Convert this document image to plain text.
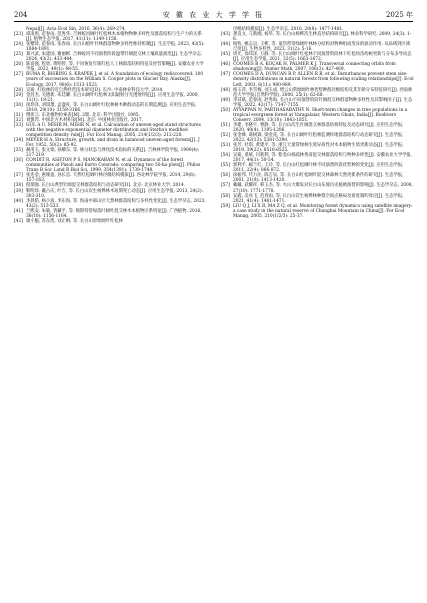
204	安 徽 农 业 大 学 学 报	2025 年

Nepal[J]. Acta Ecol Sin, 2016, 36(4): 269-274.

[23] 谭凌照, 范春雨, 范秀华. 吉林蛟河阔叶红松林木本植物物种多样性及群落结构与生产力的关系[J]. 植物生态学报, 2017, 41(11): 1149-1156.

[24] 张樱琦, 范春雨, 张春雨. 长白山植叶针林群落物种多样性维持机制[J]. 生态学报, 2023, 43(5): 1884-1891.

[25] 葛兴武, 朱建国, 谢丽彬. 吉林蛟河不同演替阶段温带针阔混交林土壤质量演变[J]. 生态学杂志, 2024, 43(2): 433-444.

[26] 陈富强, 程勇, 黄明智, 等. 不同恢复年限红松人工林群落结构特征及经营策略[J]. 安徽农业大学学报, 2022, 49(1): 48-55.

[27] BUMA B, BISBING S, KRAPEK J, et al. A foundation of ecology rediscovered: 100 years of succession on the William S. Cooper plots in Glacier Bay, Alaska[J]. Ecology, 2017, 98(6): 1513-1523.

[28] 吴迪. 红松林的近自然经营技术研究[D]. 长沙: 中南林业科技大学, 2014.

[29] 金昌杰, 关德新, 朱廷曜. 长白山阔叶红松林太阳辐射分光透射特征[J]. 应用生态学报, 2000, 11(1): 19-21.

[30] 徐玮泽, 刘琪璟, 孟盛旺, 等. 长白山阔叶红松林树木种群动态的长期监测[J]. 应用生态学报, 2018, 29(10): 3159-3166.

[31] 傅沛云. 东北植物检索表[M]. 2版. 北京: 科学出版社, 1995.

[32] 刘慎谔. 中国北方木材积表[M]. 北京: 中国林业出版社, 2017.

[33] GÜL A U, MISIR M, MISIR N, et al. Calculation of uneven-aged stand structures with the negative exponential diameter distribution and Sterba's modified competition density rule[J]. For Ecol Manag, 2005, 214(1/2/3): 212-220.

[34] MEYER H A. Structure, growth, and drain in balanced uneven-aged forests[J]. J For, 1952, 50(2): 85-92.

[35] 赫清玉, 张文娟, 孙耀东, 等. 林分状态与择伐技术指标的关系[J]. 吉林林学院学报, 1999(4): 217-219.

[36] CONDIT R, ASHTON P S, MANOKARAN N, et al. Dynamics of the forest communities at Pasoh and Barro Colorado: comparing two 50-ha plots[J]. Philos Trans R Soc Lond B Biol Sci, 1999, 354(1391): 1739-1748.

[37] 张连金, 惠刚盈, 孙长忠. 天然红松阔叶林径级结构模拟[J]. 西北林学院学报, 2014, 29(6): 157-163.

[38] 倪瑞强. 长白山典型针阔混交林群落结构与动态研究[D]. 北京: 北京林业大学, 2014.

[39] 靳明珍, 戴占庆, 叶吉, 等. 长白山次生杨桦林木短期死亡动态[J]. 应用生态学报, 2013, 24(2): 303-310.

[40] 李晨皓, 杨小波, 李东海, 等. 海南中部山区天然林群落结构与多样性变化[J]. 生态学杂志, 2023, 43(2): 513-523.

[41] 兰熙安, 朱敏, 曾藏平, 等. 喀斯特常绿落叶阔叶混交林木本植物区系特征[J]. 广西植物, 2016, 36(10): 1156-1164.

[42] 谢小魁, 苏东凯, 刘正纲, 等. 长白山原始阔叶红松林

径级结构模拟[J]. 生态学杂志, 2010, 29(8): 1477-1481.

[43] 龚直文, 亢新刚, 杨华, 等. 长白山杨桦次生林直径结构研究[J]. 林业科学研究, 2009, 24(3): 1-6.

[44] 杨牧, 姚志良, 王彬, 等. 童热带常绿阔叶林林分结构对物种组成变异的驱动作用: 从局域到区域尺度[J]. 生物多样性, 2023, 31(2): 5-16.

[45] 周光, 徐玮泽, 万静, 等. 长白山阔叶红松林不同演替阶段林下红松幼苗幼树更新与分布多导动态[J]. 应用生态学报, 2021, 32(5): 1663-1672.

[46] COOMES B A, KOÇAK H, PALMER K J. Transversal connecting orbits from shadowing[J]. Numer Math, 2007, 106(3): 427-469.

[47] COOMES D A, DUNCAN R P, ALLEN R B, et al. Disturbances prevent stem size-density distributions in natural forests from following scaling relationships[J]. Ecol Lett, 2003, 6(11): 980-989.

[48] 杨玉萍, 李雪梅, 刘玉成. 缙云山常绿阔叶林优势种群径级结构及其年龄分布特征研究[J]. 西南师范大学学报(自然科学版), 2000, 25(1): 62-68.

[49] 李其斌, 范春雨, 赵秀海. 长白山不同演替阶段针阔混交林群落物种多样性及其影响因子[J]. 生态学报, 2022, 42(17): 7147-7155.

[50] AYYAPPAN N, PARTHASARATHY N. Short-term changes in tree populations in a tropical evergreen forest at Varagalaiar, Western Ghats, India[J]. Biodivers Conserv, 2004, 13(10): 1843-1851.

[51] 李建, 李晓宇, 曹静, 等. 长白山次生针阔混交林群落结构特征及动态研究[J]. 应用生态学报, 2020, 40(4): 1195-1206.

[52] 张金峰, 葛树森, 梁金花, 等. 长白山阔叶红松林监测样地群落结构与动态研究[J]. 生态学报, 2022, 42(13): 5381-5390.

[53] 张芳, 杜琪, 黄建平, 等. 浙江天童常绿林生境异质性对木本植物生境更新动态[J]. 生态学报, 2019, 39(22): 8516-8525.

[54] 吴迪, 谌斌, 闫新利, 等. 紫金山栎疏林秀清混交林群落结构与物种多样性[J]. 安徽农业大学学报, 2017, 44(1): 50-54.

[55] 郭利平, 邮兰红, 王玲, 等. 长白山红松阔叶林不同演替阶段优势种的变化[J]. 应用生态学报, 2011, 22(4): 866-872.

[56] 徐振邦, 代力民, 陈吉泉, 等. 长白山红松阔叶混交林森林天然更新条件的研究[J]. 生态学报, 2001, 21(9): 1413-1420.

[57] 戴戴, 武耀祥, 韩玉杰, 等. 火山大爆发对长白山东坡历史植被演替的影响[J]. 生态学杂志, 2008, 27(10): 1771-1778.

[58] 安鑫, 吴亮飞, 范春雨, 等. 长白山次生杨桦林种群空间点格局及密度制约效应[J]. 生态学报, 2021, 41(4): 1461-1471.

[59] LIU Q J, LI X R, MA Z Q, et al. Monitoring forest dynamics using satellite imagery: a case study in the natural reserve of Changbai Mountain in China[J]. For Ecol Manag, 2005, 210(1/2/3): 25-37.
